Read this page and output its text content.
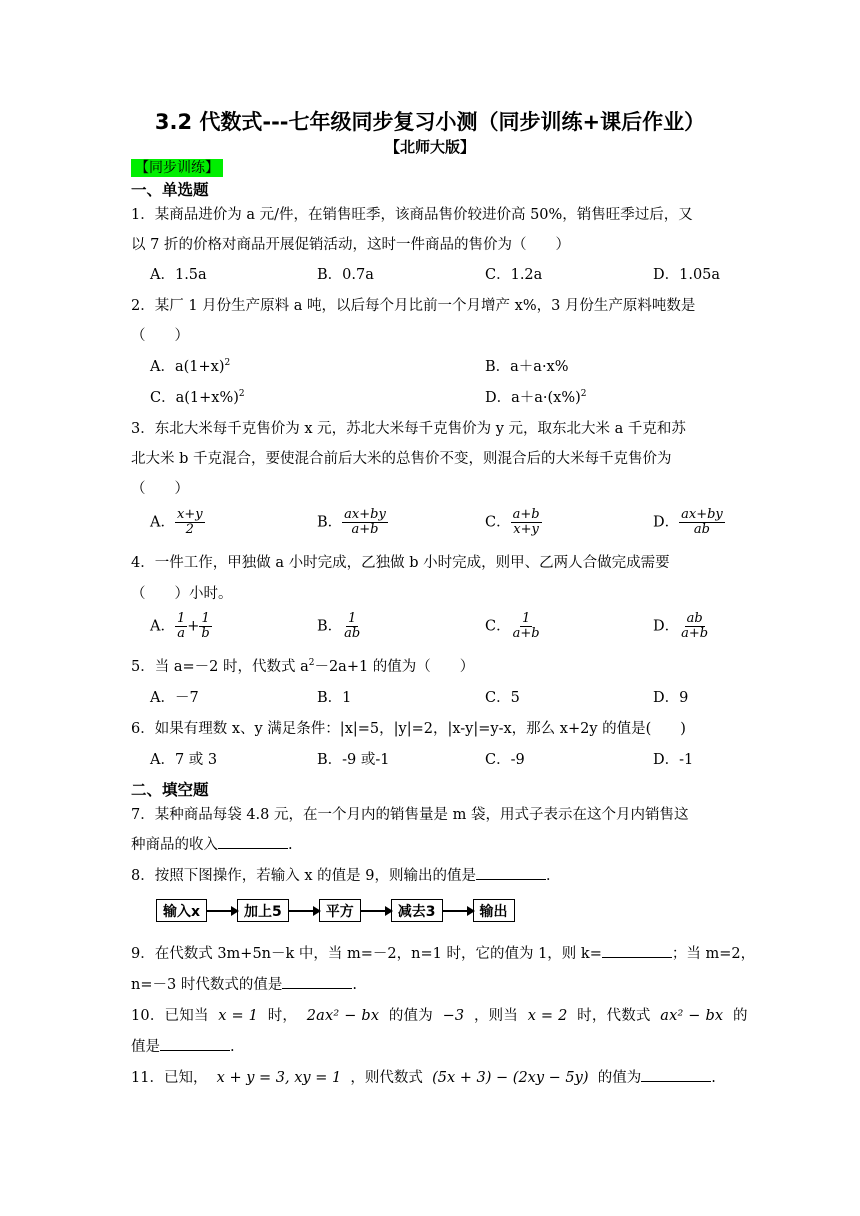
3.2 代数式---七年级同步复习小测（同步训练+课后作业）
【北师大版】
【同步训练】
一、单选题
1．某商品进价为 a 元/件，在销售旺季，该商品售价较进价高 50%，销售旺季过后，又
以 7 折的价格对商品开展促销活动，这时一件商品的售价为（　　）
A．1.5a	B．0.7a	C．1.2a	D．1.05a
2．某厂 1 月份生产原料 a 吨，以后每个月比前一个月增产 x%，3 月份生产原料吨数是
（　　）
A．$a(1+x)^2$	B．a＋a·x%
C．$a(1+x\%)^2$	D．$a+a\cdot(x\%)^2$
3．东北大米每千克售价为 x 元，苏北大米每千克售价为 y 元，取东北大米 a 千克和苏
北大米 b 千克混合，要使混合前后大米的总售价不变，则混合后的大米每千克售价为
（　　）
A． $\frac{x+y}{2}$	B． $\frac{ax+by}{a+b}$	C． $\frac{a+b}{x+y}$	D． $\frac{ax+by}{ab}$
4．一件工作，甲独做 a 小时完成，乙独做 b 小时完成，则甲、乙两人合做完成需要
（　　）小时。
A． $\frac{1}{a} + \frac{1}{b}$	B． $\frac{1}{ab}$	C． $\frac{1}{a+b}$	D． $\frac{ab}{a+b}$
5．当 a=－2 时，代数式 $a^2-2a+1$ 的值为（　　）
A．－7	B．1	C．5	D．9
6．如果有理数 x、y 满足条件：|x|=5，|y|=2，|x-y|=y-x，那么 x+2y 的值是(　　)
A．7 或 3	B．-9 或-1	C．-9	D．-1
二、填空题
7．某种商品每袋 4.8 元，在一个月内的销售量是 m 袋，用式子表示在这个月内销售这
种商品的收入	.
8．按照下图操作，若输入 x 的值是 9，则输出的值是	．
输入x	加上5	平方	减去3	输出
9．在代数式 3m+5n－k 中，当 m=－2，n=1 时，它的值为 1，则 k=	；当 m=2，
n=－3 时代数式的值是	.
10．已知当 x = 1 时， 2ax² − bx 的值为 −3 ，则当 x = 2 时，代数式 ax² − bx 的
值是	.
11．已知， x + y = 3, xy = 1 ，则代数式 (5x + 3) − (2xy − 5y) 的值为	.
